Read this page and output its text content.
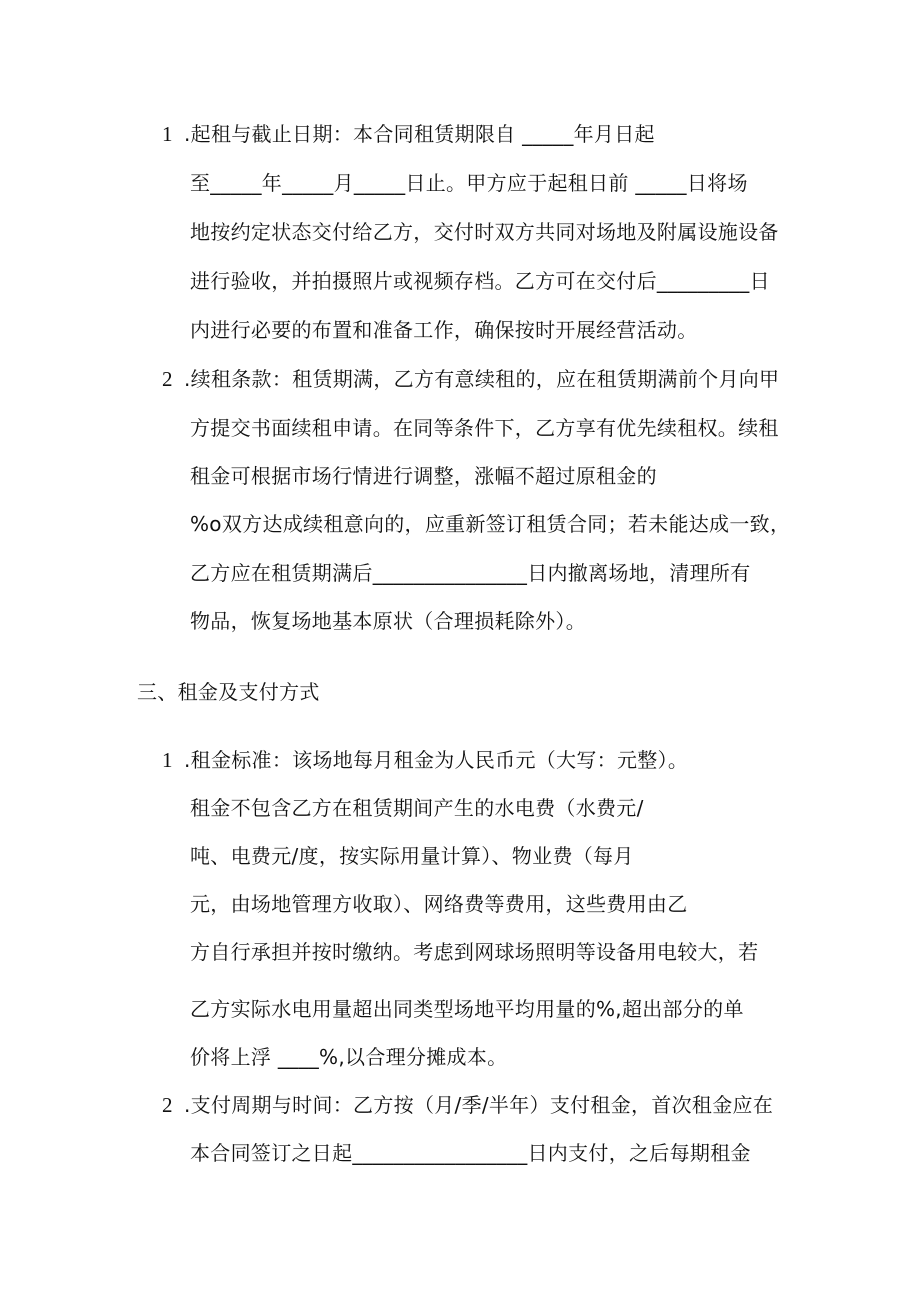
1 .起租与截止日期：本合同租赁期限自 _____年月日起
至_____年_____月_____日止。甲方应于起租日前 _____日将场
地按约定状态交付给乙方，交付时双方共同对场地及附属设施设备
进行验收，并拍摄照片或视频存档。乙方可在交付后_________日
内进行必要的布置和准备工作，确保按时开展经营活动。
2 .续租条款：租赁期满，乙方有意续租的，应在租赁期满前个月向甲
方提交书面续租申请。在同等条件下，乙方享有优先续租权。续租
租金可根据市场行情进行调整，涨幅不超过原租金的
%o双方达成续租意向的，应重新签订租赁合同；若未能达成一致，
乙方应在租赁期满后_______________日内撤离场地，清理所有
物品，恢复场地基本原状（合理损耗除外）。
三、租金及支付方式
1 .租金标准：该场地每月租金为人民币元（大写：元整）。
租金不包含乙方在租赁期间产生的水电费（水费元/
吨、电费元/度，按实际用量计算）、物业费（每月
元，由场地管理方收取）、网络费等费用，这些费用由乙
方自行承担并按时缴纳。考虑到网球场照明等设备用电较大，若
乙方实际水电用量超出同类型场地平均用量的%,超出部分的单
价将上浮 ____%,以合理分摊成本。
2 .支付周期与时间：乙方按（月/季/半年）支付租金，首次租金应在
本合同签订之日起_________________日内支付，之后每期租金
